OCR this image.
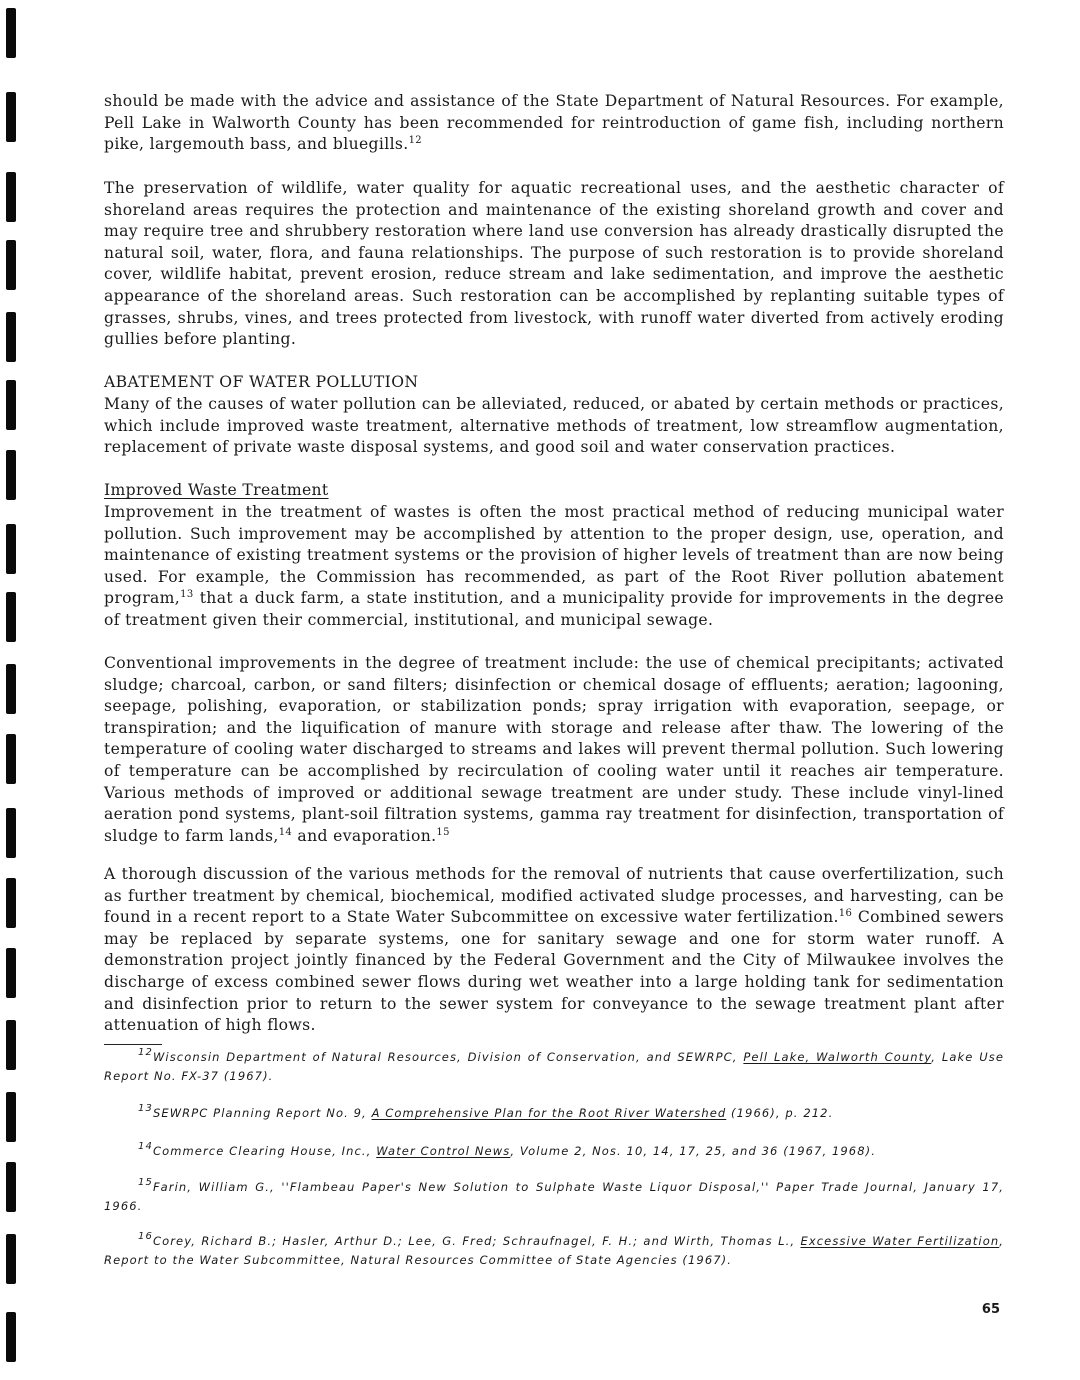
should be made with the advice and assistance of the State Department of Natural Resources. For example, Pell Lake in Walworth County has been recommended for reintroduction of game fish, including northern pike, largemouth bass, and bluegills.$^{12}$
The preservation of wildlife, water quality for aquatic recreational uses, and the aesthetic character of shoreland areas requires the protection and maintenance of the existing shoreland growth and cover and may require tree and shrubbery restoration where land use conversion has already drastically disrupted the natural soil, water, flora, and fauna relationships. The purpose of such restoration is to provide shoreland cover, wildlife habitat, prevent erosion, reduce stream and lake sedimentation, and improve the aesthetic appearance of the shoreland areas. Such restoration can be accomplished by replanting suitable types of grasses, shrubs, vines, and trees protected from livestock, with runoff water diverted from actively eroding gullies before planting.
ABATEMENT OF WATER POLLUTION
Many of the causes of water pollution can be alleviated, reduced, or abated by certain methods or practices, which include improved waste treatment, alternative methods of treatment, low streamflow augmentation, replacement of private waste disposal systems, and good soil and water conservation practices.
Improved Waste Treatment
Improvement in the treatment of wastes is often the most practical method of reducing municipal water pollution. Such improvement may be accomplished by attention to the proper design, use, operation, and maintenance of existing treatment systems or the provision of higher levels of treatment than are now being used. For example, the Commission has recommended, as part of the Root River pollution abatement program,$^{13}$ that a duck farm, a state institution, and a municipality provide for improvements in the degree of treatment given their commercial, institutional, and municipal sewage.
Conventional improvements in the degree of treatment include: the use of chemical precipitants; activated sludge; charcoal, carbon, or sand filters; disinfection or chemical dosage of effluents; aeration; lagooning, seepage, polishing, evaporation, or stabilization ponds; spray irrigation with evaporation, seepage, or transpiration; and the liquification of manure with storage and release after thaw. The lowering of the temperature of cooling water discharged to streams and lakes will prevent thermal pollution. Such lowering of temperature can be accomplished by recirculation of cooling water until it reaches air temperature. Various methods of improved or additional sewage treatment are under study. These include vinyl-lined aeration pond systems, plant-soil filtration systems, gamma ray treatment for disinfection, transportation of sludge to farm lands,$^{14}$ and evaporation.$^{15}$
A thorough discussion of the various methods for the removal of nutrients that cause overfertilization, such as further treatment by chemical, biochemical, modified activated sludge processes, and harvesting, can be found in a recent report to a State Water Subcommittee on excessive water fertilization.$^{16}$ Combined sewers may be replaced by separate systems, one for sanitary sewage and one for storm water runoff. A demonstration project jointly financed by the Federal Government and the City of Milwaukee involves the discharge of excess combined sewer flows during wet weather into a large holding tank for sedimentation and disinfection prior to return to the sewer system for conveyance to the sewage treatment plant after attenuation of high flows.
$^{12}$Wisconsin Department of Natural Resources, Division of Conservation, and SEWRPC, Pell Lake, Walworth County, Lake Use Report No. FX-37 (1967).
$^{13}$SEWRPC Planning Report No. 9, A Comprehensive Plan for the Root River Watershed (1966), p. 212.
$^{14}$Commerce Clearing House, Inc., Water Control News, Volume 2, Nos. 10, 14, 17, 25, and 36 (1967, 1968).
$^{15}$Farin, William G., ''Flambeau Paper's New Solution to Sulphate Waste Liquor Disposal,'' Paper Trade Journal, January 17, 1966.
$^{16}$Corey, Richard B.; Hasler, Arthur D.; Lee, G. Fred; Schraufnagel, F. H.; and Wirth, Thomas L., Excessive Water Fertilization, Report to the Water Subcommittee, Natural Resources Committee of State Agencies (1967).
65
